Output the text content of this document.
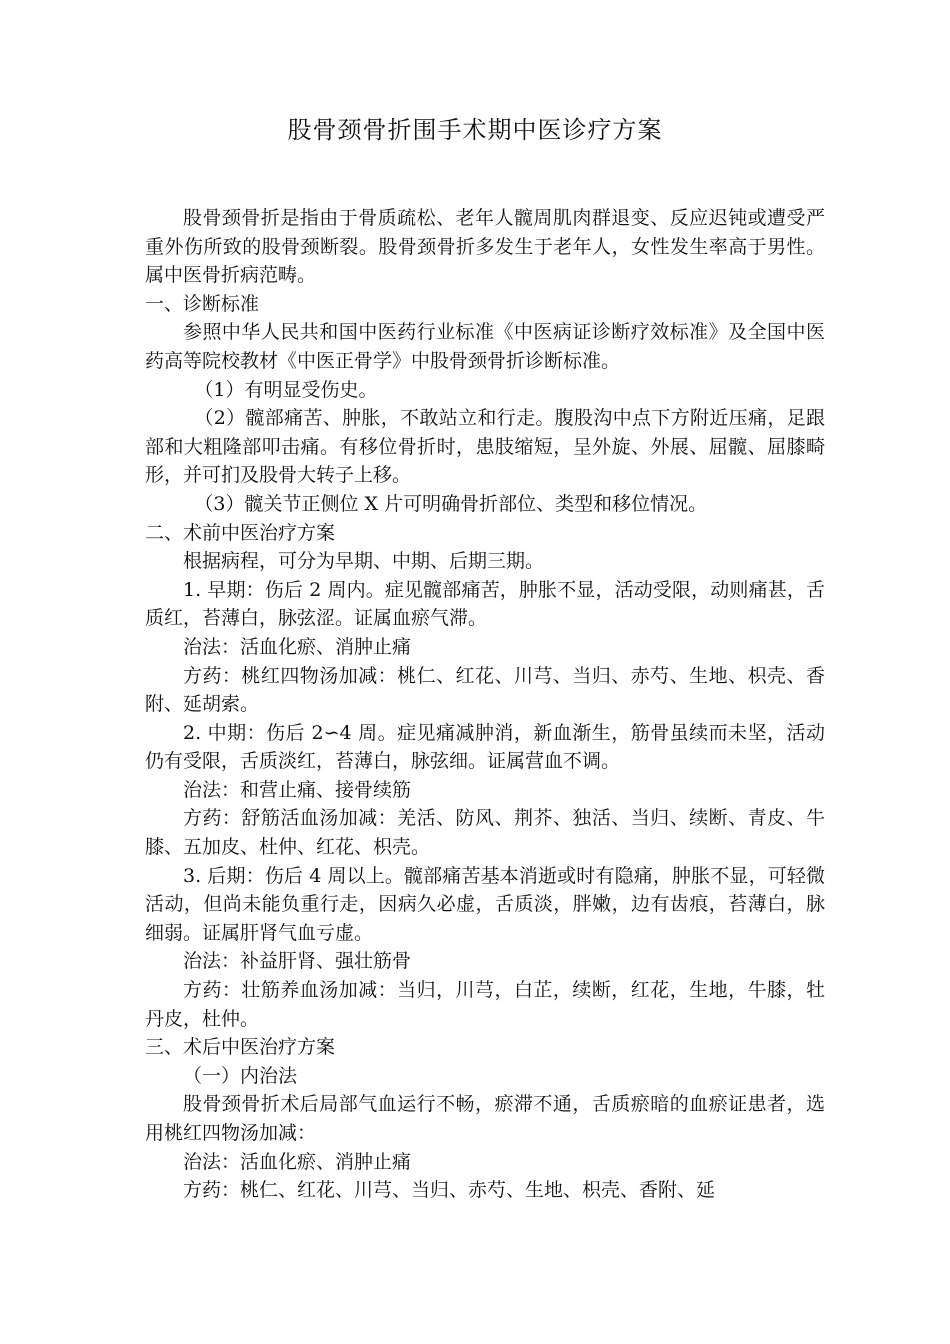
股骨颈骨折围手术期中医诊疗方案

股骨颈骨折是指由于骨质疏松、老年人髋周肌肉群退变、反应迟钝或遭受严重外伤所致的股骨颈断裂。股骨颈骨折多发生于老年人，女性发生率高于男性。属中医骨折病范畴。

一、诊断标准

参照中华人民共和国中医药行业标准《中医病证诊断疗效标准》及全国中医药高等院校教材《中医正骨学》中股骨颈骨折诊断标准。

（1）有明显受伤史。

（2）髋部痛苦、肿胀，不敢站立和行走。腹股沟中点下方附近压痛，足跟部和大粗隆部叩击痛。有移位骨折时，患肢缩短，呈外旋、外展、屈髋、屈膝畸形，并可扪及股骨大转子上移。

（3）髋关节正侧位 X 片可明确骨折部位、类型和移位情况。

二、术前中医治疗方案

根据病程，可分为早期、中期、后期三期。

1. 早期：伤后 2 周内。症见髋部痛苦，肿胀不显，活动受限，动则痛甚，舌质红，苔薄白，脉弦涩。证属血瘀气滞。

治法：活血化瘀、消肿止痛

方药：桃红四物汤加减：桃仁、红花、川芎、当归、赤芍、生地、枳壳、香附、延胡索。

2. 中期：伤后 2∽4 周。症见痛减肿消，新血渐生，筋骨虽续而未坚，活动仍有受限，舌质淡红，苔薄白，脉弦细。证属营血不调。

治法：和营止痛、接骨续筋

方药：舒筋活血汤加减：羌活、防风、荆芥、独活、当归、续断、青皮、牛膝、五加皮、杜仲、红花、枳壳。

3. 后期：伤后 4 周以上。髋部痛苦基本消逝或时有隐痛，肿胀不显，可轻微活动，但尚未能负重行走，因病久必虚，舌质淡，胖嫩，边有齿痕，苔薄白，脉细弱。证属肝肾气血亏虚。

治法：补益肝肾、强壮筋骨

方药：壮筋养血汤加减：当归，川芎，白芷，续断，红花，生地，牛膝，牡丹皮，杜仲。

三、术后中医治疗方案

（一）内治法

股骨颈骨折术后局部气血运行不畅，瘀滞不通，舌质瘀暗的血瘀证患者，选用桃红四物汤加减：

治法：活血化瘀、消肿止痛

方药：桃仁、红花、川芎、当归、赤芍、生地、枳壳、香附、延
